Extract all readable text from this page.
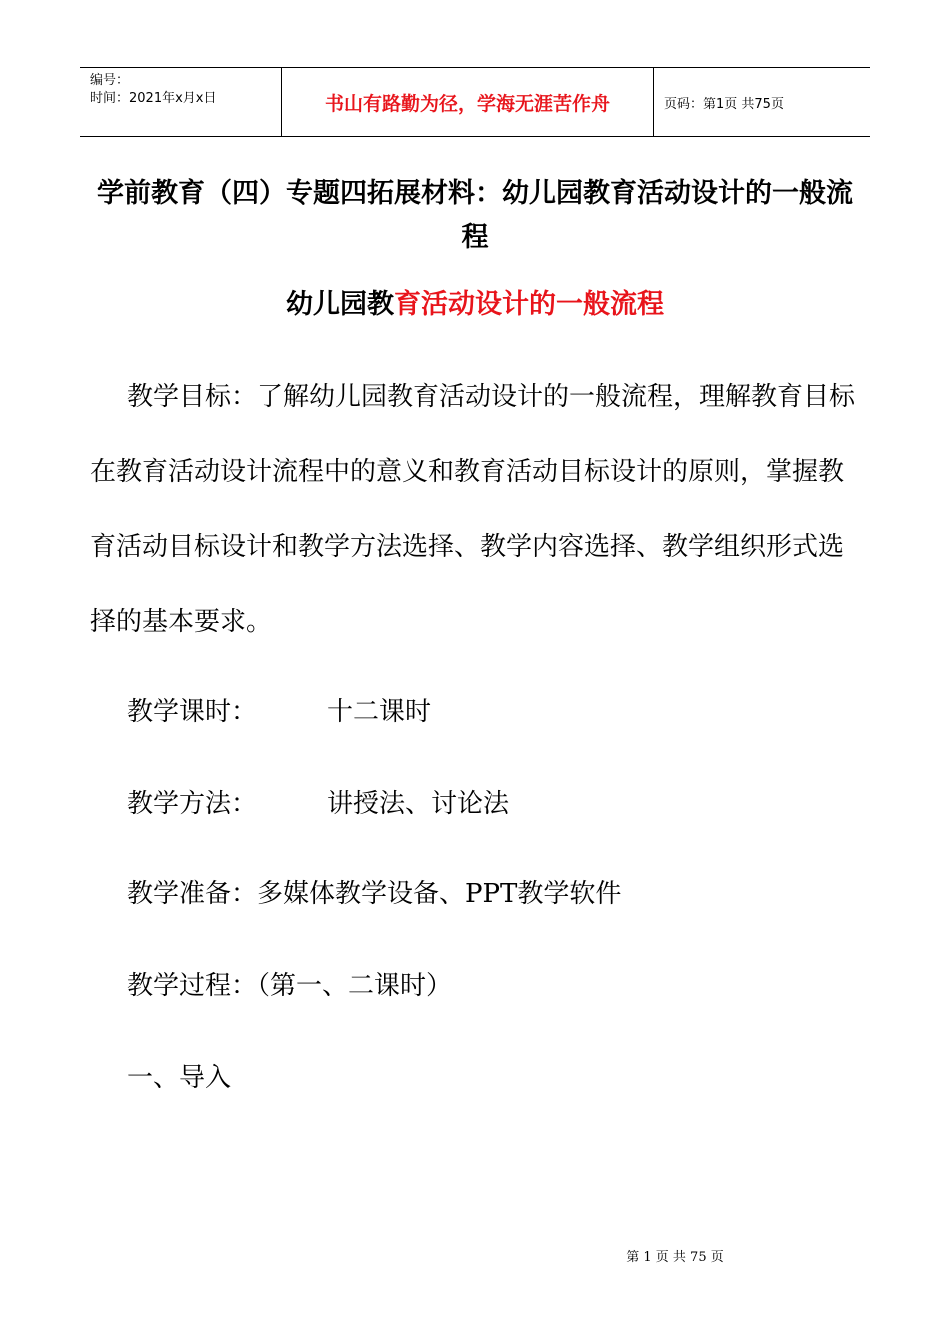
编号：
时间：2021年x月x日	书山有路勤为径，学海无涯苦作舟	页码：第1页 共75页
学前教育（四）专题四拓展材料：幼儿园教育活动设计的一般流程
幼儿园教育活动设计的一般流程
教学目标：了解幼儿园教育活动设计的一般流程，理解教育目标在教育活动设计流程中的意义和教育活动目标设计的原则，掌握教育活动目标设计和教学方法选择、教学内容选择、教学组织形式选择的基本要求。
教学课时：	十二课时
教学方法：	讲授法、讨论法
教学准备：多媒体教学设备、PPT教学软件
教学过程：（第一、二课时）
一、导入
第 1 页 共 75 页
